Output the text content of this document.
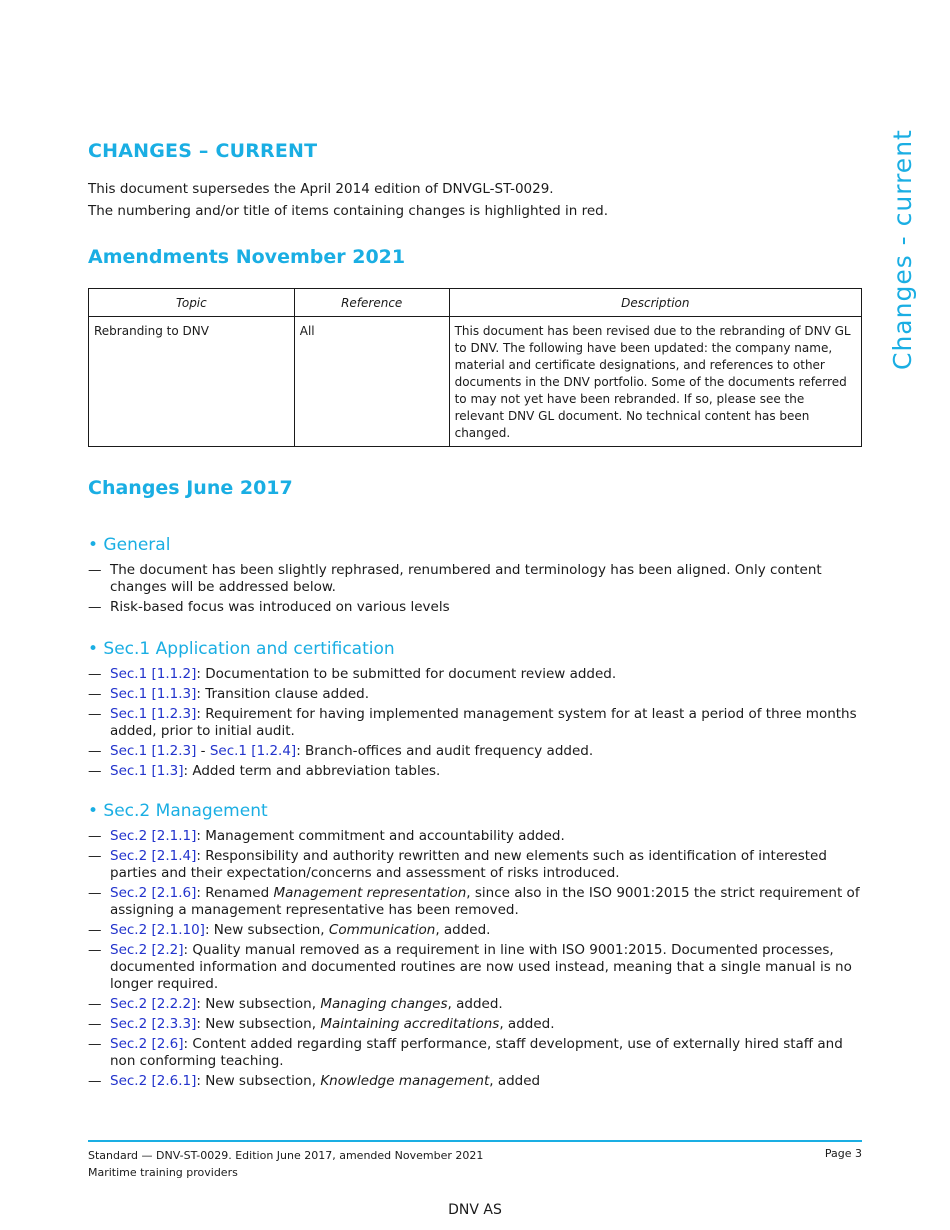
CHANGES – CURRENT	Changes - current

This document supersedes the April 2014 edition of DNVGL-ST-0029.

The numbering and/or title of items containing changes is highlighted in red.

Amendments November 2021
Topic	Reference	Description
Rebranding to DNV	All	This document has been revised due to the rebranding of DNV GL to DNV. The following have been updated: the company name, material and certificate designations, and references to other documents in the DNV portfolio. Some of the documents referred to may not yet have been rebranded. If so, please see the relevant DNV GL document. No technical content has been changed.
Changes June 2017
• General
— The document has been slightly rephrased, renumbered and terminology has been aligned. Only content changes will be addressed below.
— Risk-based focus was introduced on various levels
• Sec.1 Application and certification
— Sec.1 [1.1.2]: Documentation to be submitted for document review added.
— Sec.1 [1.1.3]: Transition clause added.
— Sec.1 [1.2.3]: Requirement for having implemented management system for at least a period of three months added, prior to initial audit.
— Sec.1 [1.2.3] - Sec.1 [1.2.4]: Branch-offices and audit frequency added.
— Sec.1 [1.3]: Added term and abbreviation tables.
• Sec.2 Management
— Sec.2 [2.1.1]: Management commitment and accountability added.
— Sec.2 [2.1.4]: Responsibility and authority rewritten and new elements such as identification of interested parties and their expectation/concerns and assessment of risks introduced.
— Sec.2 [2.1.6]: Renamed Management representation, since also in the ISO 9001:2015 the strict requirement of assigning a management representative has been removed.
— Sec.2 [2.1.10]: New subsection, Communication, added.
— Sec.2 [2.2]: Quality manual removed as a requirement in line with ISO 9001:2015. Documented processes, documented information and documented routines are now used instead, meaning that a single manual is no longer required.
— Sec.2 [2.2.2]: New subsection, Managing changes, added.
— Sec.2 [2.3.3]: New subsection, Maintaining accreditations, added.
— Sec.2 [2.6]: Content added regarding staff performance, staff development, use of externally hired staff and non conforming teaching.
— Sec.2 [2.6.1]: New subsection, Knowledge management, added
Standard — DNV-ST-0029. Edition June 2017, amended November 2021
Maritime training providers
Page 3
DNV AS
